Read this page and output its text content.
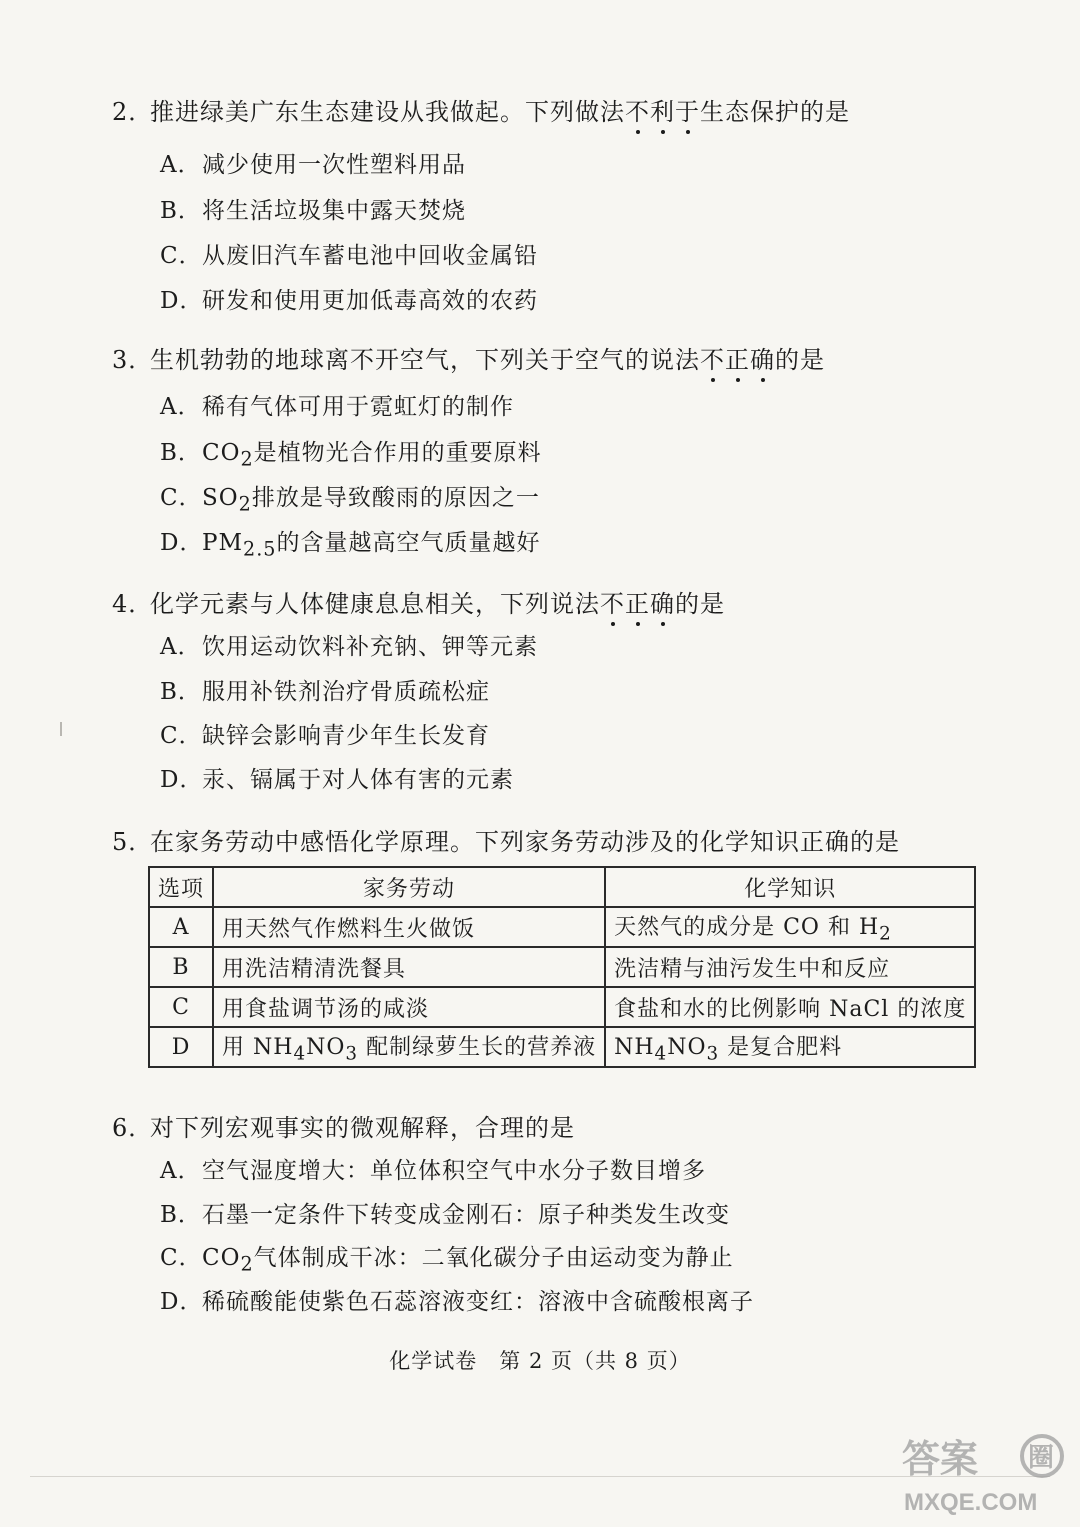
2．推进绿美广东生态建设从我做起。下列做法不利于生态保护的是
A．减少使用一次性塑料用品
B．将生活垃圾集中露天焚烧
C．从废旧汽车蓄电池中回收金属铅
D．研发和使用更加低毒高效的农药
3．生机勃勃的地球离不开空气，下列关于空气的说法不正确的是
A．稀有气体可用于霓虹灯的制作
B．$CO_2$是植物光合作用的重要原料
C．$SO_2$排放是导致酸雨的原因之一
D．$PM_{2.5}$的含量越高空气质量越好
4．化学元素与人体健康息息相关，下列说法不正确的是
A．饮用运动饮料补充钠、钾等元素
B．服用补铁剂治疗骨质疏松症
C．缺锌会影响青少年生长发育
D．汞、镉属于对人体有害的元素
5．在家务劳动中感悟化学原理。下列家务劳动涉及的化学知识正确的是
选项	家务劳动	化学知识
A	用天然气作燃料生火做饭	天然气的成分是 CO 和 $H_2$
B	用洗洁精清洗餐具	洗洁精与油污发生中和反应
C	用食盐调节汤的咸淡	食盐和水的比例影响 NaCl 的浓度
D	用 $NH_4NO_3$ 配制绿萝生长的营养液	$NH_4NO_3$ 是复合肥料
6．对下列宏观事实的微观解释，合理的是
A．空气湿度增大：单位体积空气中水分子数目增多
B．石墨一定条件下转变成金刚石：原子种类发生改变
C．$CO_2$气体制成干冰：二氧化碳分子由运动变为静止
D．稀硫酸能使紫色石蕊溶液变红：溶液中含硫酸根离子
化学试卷　第 2 页（共 8 页）
答案 圈
MXQE.COM
